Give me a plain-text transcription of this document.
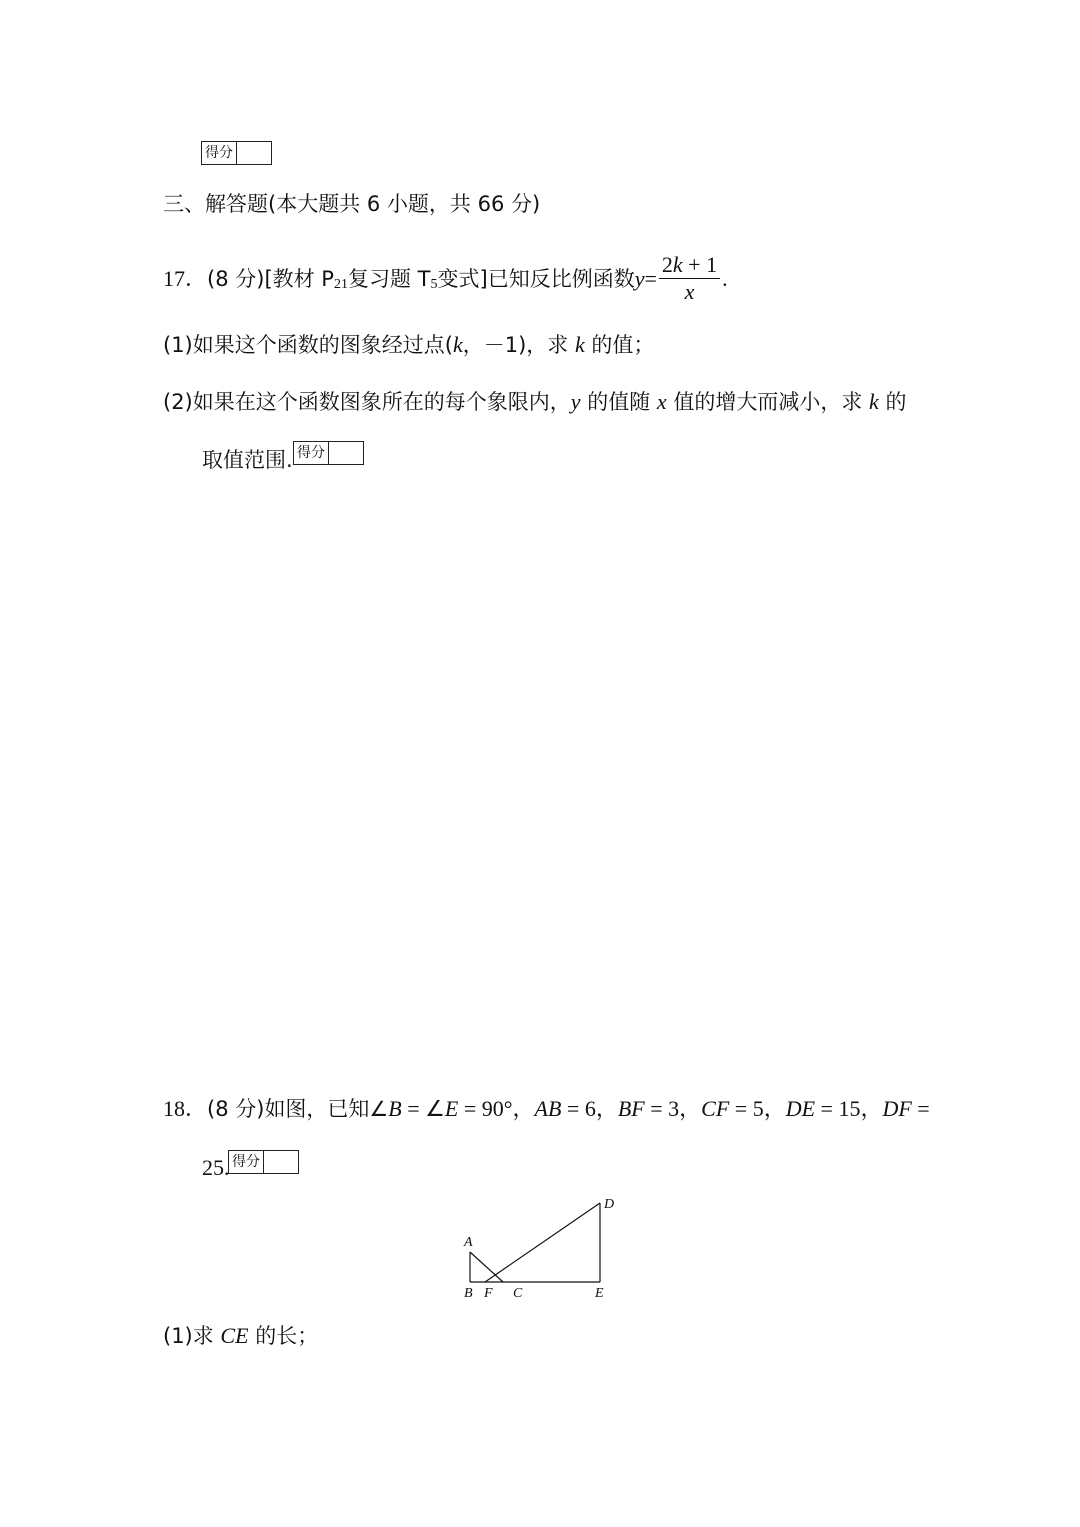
得分
三、解答题(本大题共 6 小题，共 66 分)
17． (8 分) [教材 P 21 复习题 T 5 变式] 已知反比例函数 $y = \frac{2k + 1}{x}$ .
(1)如果这个函数的图象经过点(k，－1)，求 k 的值；
(2)如果在这个函数图象所在的每个象限内，y 的值随 x 值的增大而减小，求 k 的
取值范围. 得分
18．(8 分)如图，已知∠B = ∠E = 90°，AB = 6，BF = 3，CF = 5，DE = 15，DF =
25. 得分
A
B F C	E
D
(1)求 CE 的长；
